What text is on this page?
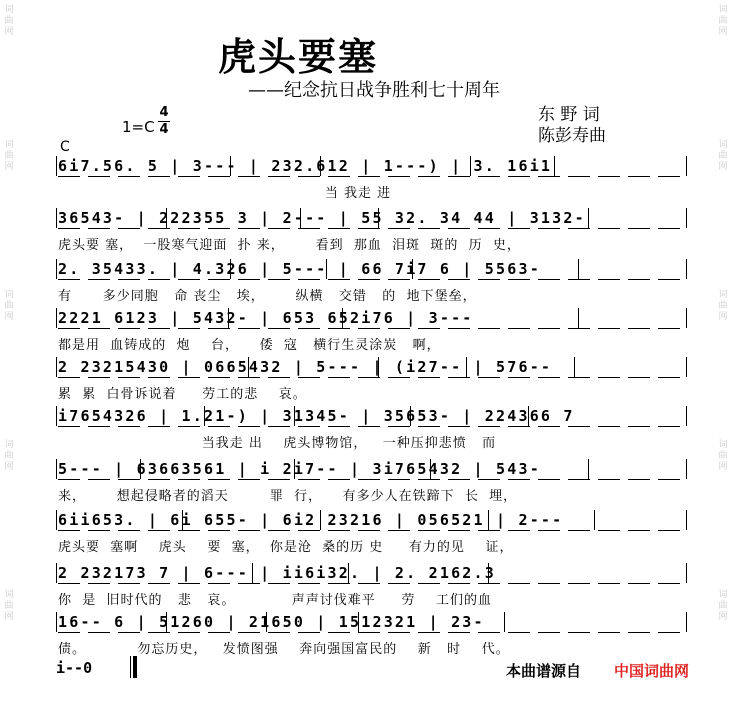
词曲网
词曲网
词曲网
词曲网
词曲网
词曲网
词曲网
词曲网
词曲网
词曲网
虎头要塞
——纪念抗日战争胜利七十周年
东 野 词
陈彭寿曲
1=C
4
4
C
6i7.56. 5 | 3--- | 232.612 | 1---) | 3. 16i1
当 我走 进
36543- | 222355 3 | 2--- | 55 32. 34 44 | 3132-
虎头要 塞，  一股寒气迎面  扑 来，      看到  那血  泪斑  斑的  历  史，
2. 35433. | 4.326 | 5--- | 66 7i7 6 | 5563-
有      多少同胞   命 丧尘   埃，      纵横   交错   的  地下堡垒，
2221 6123 | 5432- | 653 652i76 | 3---
都是用  血铸成的  炮    台，    倭  寇   横行生灵涂炭   啊，
2 23215430 | 0665432 | 5--- | (i27-- | 576--
累  累  白骨诉说着     劳工的悲    哀。
i7654326 | 1.21-) | 31345- | 35653- | 224366 7
当我走 出    虎头博物馆，   一种压抑悲愤   而
5--- | 63663561 | i 2i7-- | 3i765432 | 543-
来，      想起侵略者的滔天        罪  行，    有多少人在铁蹄下  长  埋，
6ii653. | 6i 655- | 6i2 23216 | 056521 | 2---
虎头要  塞啊    虎头    要  塞，  你是沧  桑的历 史     有力的见    证，
2 232173 7 | 6--- | ii6i32. | 2. 2162.3
你  是  旧时代的   悲   哀。           声声讨伐难平     劳    工们的血
16-- 6 | 51260 | 21650 | 1512321 | 23-
债。          勿忘历史，   发愤图强    奔向强国富民的    新   时    代。
i--0	本曲谱源自 中国词曲网
